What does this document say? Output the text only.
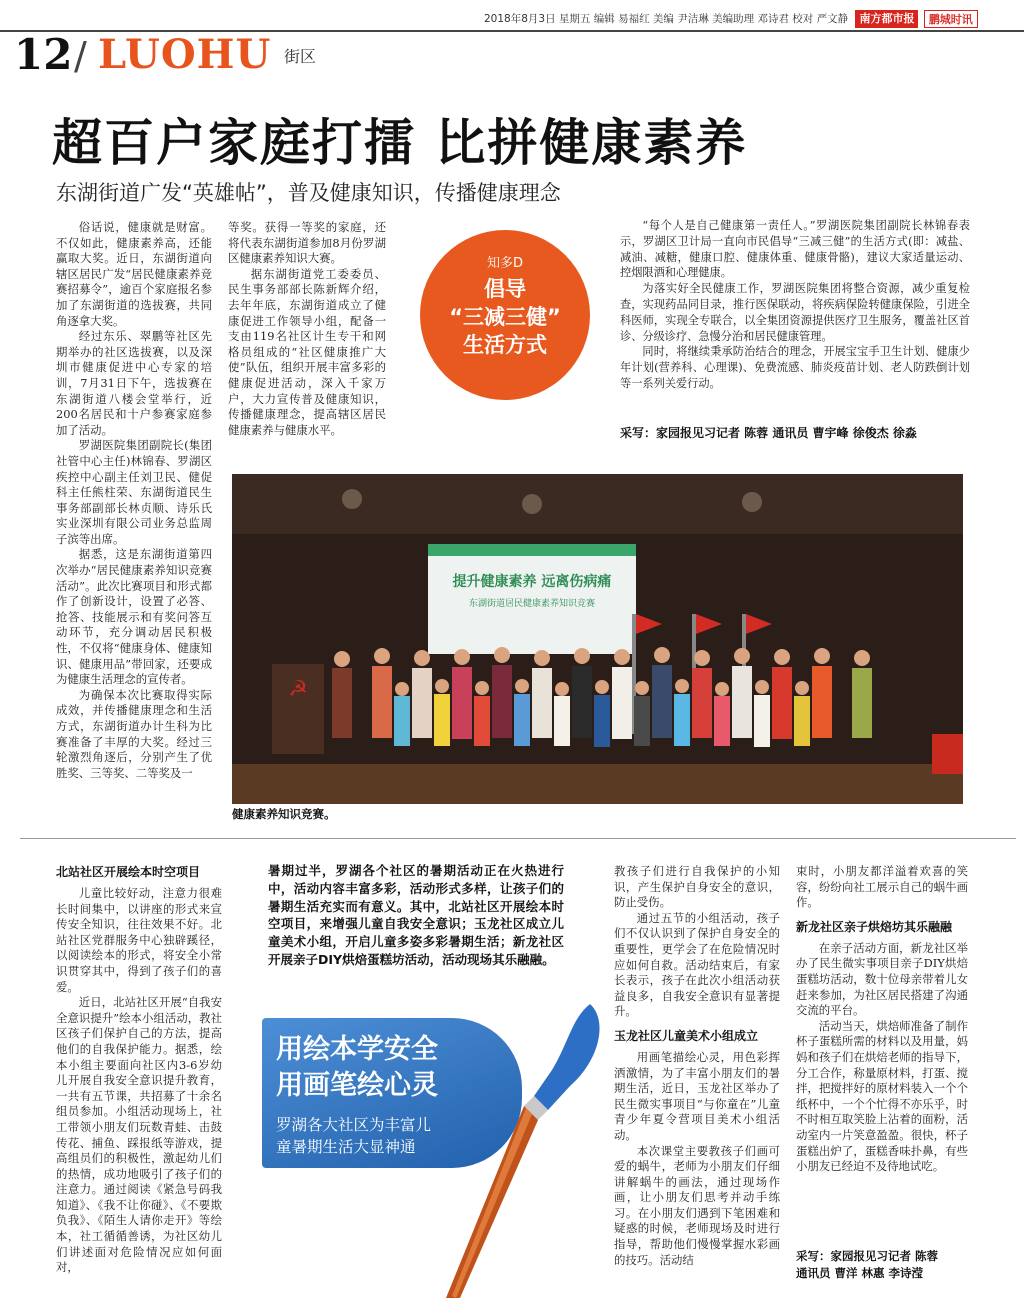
2018年8月3日 星期五 编辑 易福红 美编 尹洁琳 美编助理 邓诗君 校对 严文静 南方都市报 鹏城时讯
12 / LUOHU 街区
超百户家庭打擂 比拼健康素养
东湖街道广发“英雄帖”，普及健康知识，传播健康理念

俗话说，健康就是财富。不仅如此，健康素养高，还能赢取大奖。近日，东湖街道向辖区居民广发“居民健康素养竞赛招募令”，逾百个家庭报名参加了东湖街道的选拔赛，共同角逐拿大奖。

经过东乐、翠鹏等社区先期举办的社区选拔赛，以及深圳市健康促进中心专家的培训，7月31日下午，选拔赛在东湖街道八楼会堂举行，近200名居民和十户参赛家庭参加了活动。

罗湖医院集团副院长(集团社管中心主任)林锦春、罗湖区疾控中心副主任刘卫民、健促科主任熊柱荣、东湖街道民生事务部副部长林贞顺、诗乐氏实业深圳有限公司业务总监周子滨等出席。

据悉，这是东湖街道第四次举办“居民健康素养知识竞赛活动”。此次比赛项目和形式都作了创新设计，设置了必答、抢答、技能展示和有奖问答互动环节，充分调动居民积极性，不仅将“健康身体、健康知识、健康用品”带回家，还要成为健康生活理念的宣传者。

为确保本次比赛取得实际成效，并传播健康理念和生活方式，东湖街道办计生科为比赛准备了丰厚的大奖。经过三轮激烈角逐后，分别产生了优胜奖、三等奖、二等奖及一

等奖。获得一等奖的家庭，还将代表东湖街道参加8月份罗湖区健康素养知识大赛。

据东湖街道党工委委员、民生事务部部长陈新辉介绍，去年年底，东湖街道成立了健康促进工作领导小组，配备一支由119名社区计生专干和网格员组成的“社区健康推广大使”队伍，组织开展丰富多彩的健康促进活动，深入千家万户，大力宣传普及健康知识，传播健康理念，提高辖区居民健康素养与健康水平。

知多D
倡导
“三减三健”
生活方式

“每个人是自己健康第一责任人。”罗湖医院集团副院长林锦春表示，罗湖区卫计局一直向市民倡导“三减三健”的生活方式(即：减盐、减油、减糖，健康口腔、健康体重、健康骨骼)，建议大家适量运动、控烟限酒和心理健康。

为落实好全民健康工作，罗湖医院集团将整合资源，减少重复检查，实现药品同目录，推行医保联动，将疾病保险转健康保险，引进全科医师，实现全专联合，以全集团资源提供医疗卫生服务，覆盖社区首诊、分级诊疗、急慢分治和居民健康管理。

同时，将继续秉承防治结合的理念，开展宝宝手卫生计划、健康少年计划(营养科、心理课)、免费流感、肺炎疫苗计划、老人防跌倒计划等一系列关爱行动。

采写：家园报见习记者 陈蓉 通讯员 曹宇峰 徐俊杰 徐淼
提升健康素养 远离伤病痛
东湖街道居民健康素养知识竞赛
☭
健康素养知识竞赛。
北站社区开展绘本时空项目

儿童比较好动，注意力很难长时间集中，以讲座的形式来宣传安全知识，往往效果不好。北站社区党群服务中心独辟蹊径，以阅读绘本的形式，将安全小常识贯穿其中，得到了孩子们的喜爱。

近日，北站社区开展“自我安全意识提升”绘本小组活动，教社区孩子们保护自己的方法，提高他们的自我保护能力。据悉，绘本小组主要面向社区内3-6岁幼儿开展自我安全意识提升教育，一共有五节课，共招募了十余名组员参加。小组活动现场上，社工带领小朋友们玩数青蛙、击鼓传花、捕鱼、踩报纸等游戏，提高组员们的积极性，激起幼儿们的热情，成功地吸引了孩子们的注意力。通过阅读《紧急号码我知道》、《我不让你碰》、《不要欺负我》、《陌生人请你走开》等绘本，社工循循善诱，为社区幼儿们讲述面对危险情况应如何面对，

暑期过半，罗湖各个社区的暑期活动正在火热进行中，活动内容丰富多彩，活动形式多样，让孩子们的暑期生活充实而有意义。其中，北站社区开展绘本时空项目，来增强儿童自我安全意识；玉龙社区成立儿童美术小组，开启儿童多姿多彩暑期生活；新龙社区开展亲子DIY烘焙蛋糕坊活动，活动现场其乐融融。
用绘本学安全
用画笔绘心灵
罗湖各大社区为丰富儿
童暑期生活大显神通

教孩子们进行自我保护的小知识，产生保护自身安全的意识，防止受伤。

通过五节的小组活动，孩子们不仅认识到了保护自身安全的重要性，更学会了在危险情况时应如何自救。活动结束后，有家长表示，孩子在此次小组活动获益良多，自我安全意识有显著提升。

玉龙社区儿童美术小组成立

用画笔描绘心灵，用色彩挥洒激情，为了丰富小朋友们的暑期生活，近日，玉龙社区举办了民生微实事项目“与你童在”儿童青少年夏令营项目美术小组活动。

本次课堂主要教孩子们画可爱的蜗牛，老师为小朋友们仔细讲解蜗牛的画法，通过现场作画，让小朋友们思考并动手练习。在小朋友们遇到下笔困难和疑惑的时候，老师现场及时进行指导，帮助他们慢慢掌握水彩画的技巧。活动结

束时，小朋友都洋溢着欢喜的笑容，纷纷向社工展示自己的蜗牛画作。

新龙社区亲子烘焙坊其乐融融

在亲子活动方面，新龙社区举办了民生微实事项目亲子DIY烘焙蛋糕坊活动，数十位母亲带着儿女赶来参加，为社区居民搭建了沟通交流的平台。

活动当天，烘焙师准备了制作杯子蛋糕所需的材料以及用量，妈妈和孩子们在烘焙老师的指导下，分工合作，称量原材料，打蛋、搅拌，把搅拌好的原材料装入一个个纸杯中，一个个忙得不亦乐乎，时不时相互取笑脸上沾着的面粉，活动室内一片笑意盈盈。很快，杯子蛋糕出炉了，蛋糕香味扑鼻，有些小朋友已经迫不及待地试吃。

采写：家园报见习记者 陈蓉
通讯员 曹洋 林惠 李诗滢
